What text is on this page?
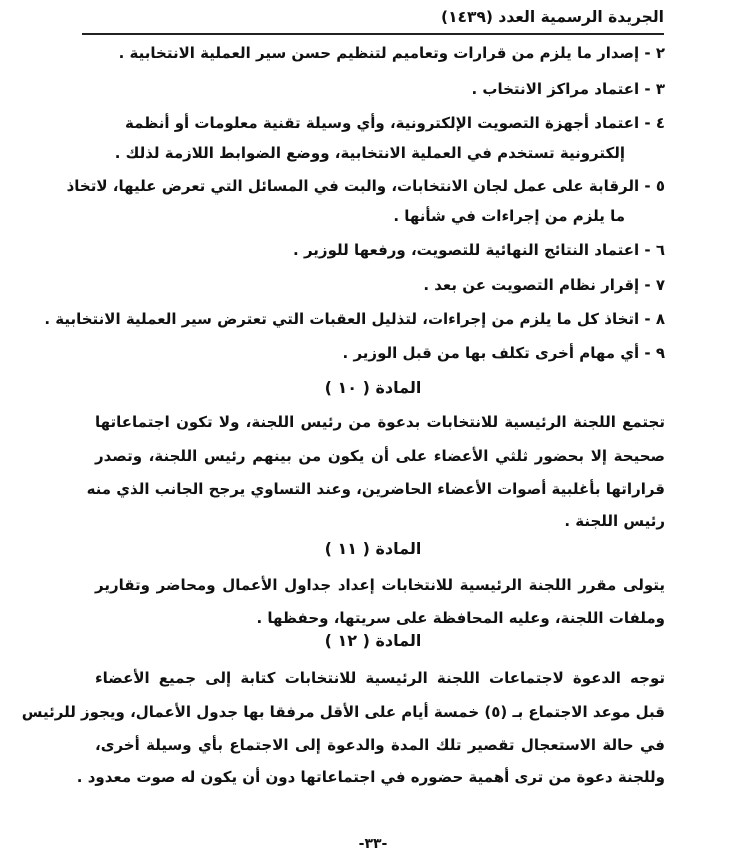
الجريدة الرسمية العدد (١٤٣٩)
٢ - إصدار ما يلزم من قرارات وتعاميم لتنظيم حسن سير العملية الانتخابية .
٣ - اعتماد مراكز الانتخاب .
٤ - اعتماد أجهزة التصويت الإلكترونية، وأي وسيلة تقنية معلومات أو أنظمة
إلكترونية تستخدم في العملية الانتخابية، ووضع الضوابط اللازمة لذلك .
٥ - الرقابة على عمل لجان الانتخابات، والبت في المسائل التي تعرض عليها، لاتخاذ
ما يلزم من إجراءات في شأنها .
٦ - اعتماد النتائج النهائية للتصويت، ورفعها للوزير .
٧ - إقرار نظام التصويت عن بعد .
٨ - اتخاذ كل ما يلزم من إجراءات، لتذليل العقبات التي تعترض سير العملية الانتخابية .
٩ - أي مهام أخرى تكلف بها من قبل الوزير .
المادة ( ١٠ )
تجتمع اللجنة الرئيسية للانتخابات بدعوة من رئيس اللجنة، ولا تكون اجتماعاتها
صحيحة إلا بحضور ثلثي الأعضاء على أن يكون من بينهم رئيس اللجنة، وتصدر
قراراتها بأغلبية أصوات الأعضاء الحاضرين، وعند التساوي يرجح الجانب الذي منه
رئيس اللجنة .
المادة ( ١١ )
يتولى مقرر اللجنة الرئيسية للانتخابات إعداد جداول الأعمال ومحاضر وتقارير
وملفات اللجنة، وعليه المحافظة على سريتها، وحفظها .
المادة ( ١٢ )
توجه الدعوة لاجتماعات اللجنة الرئيسية للانتخابات كتابة إلى جميع الأعضاء
قبل موعد الاجتماع بـ (٥) خمسة أيام على الأقل مرفقا بها جدول الأعمال، ويجوز للرئيس
في حالة الاستعجال تقصير تلك المدة والدعوة إلى الاجتماع بأي وسيلة أخرى،
وللجنة دعوة من ترى أهمية حضوره في اجتماعاتها دون أن يكون له صوت معدود .
-٣٣-
